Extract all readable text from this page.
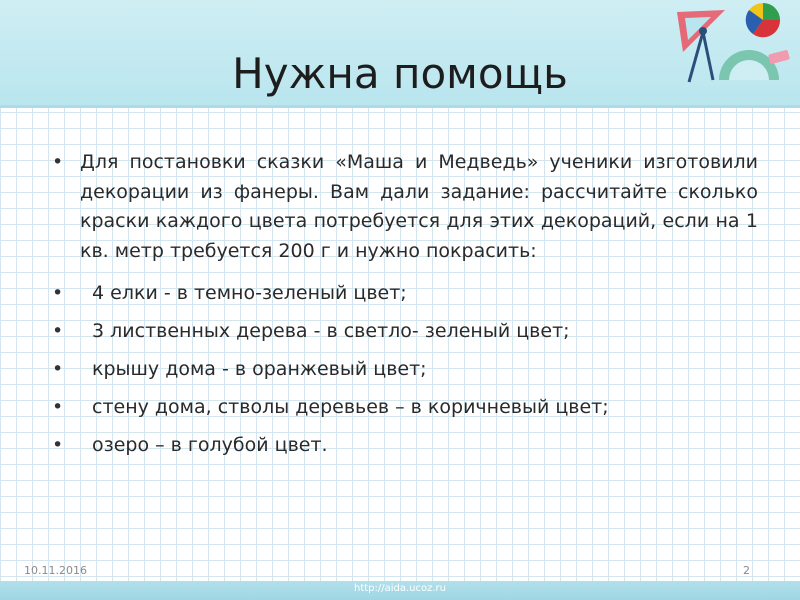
Нужна помощь
• Для постановки сказки «Маша и Медведь» ученики изготовили декорации из фанеры. Вам дали задание: рассчитайте сколько краски каждого цвета потребуется для этих декораций, если на 1 кв. метр требуется 200 г и нужно покрасить:
• 4 елки - в темно-зеленый цвет;
• 3 лиственных дерева - в светло- зеленый цвет;
• крышу дома - в оранжевый цвет;
• стену дома, стволы деревьев – в коричневый цвет;
• озеро – в голубой цвет.
10.11.2016	2
http://aida.ucoz.ru
